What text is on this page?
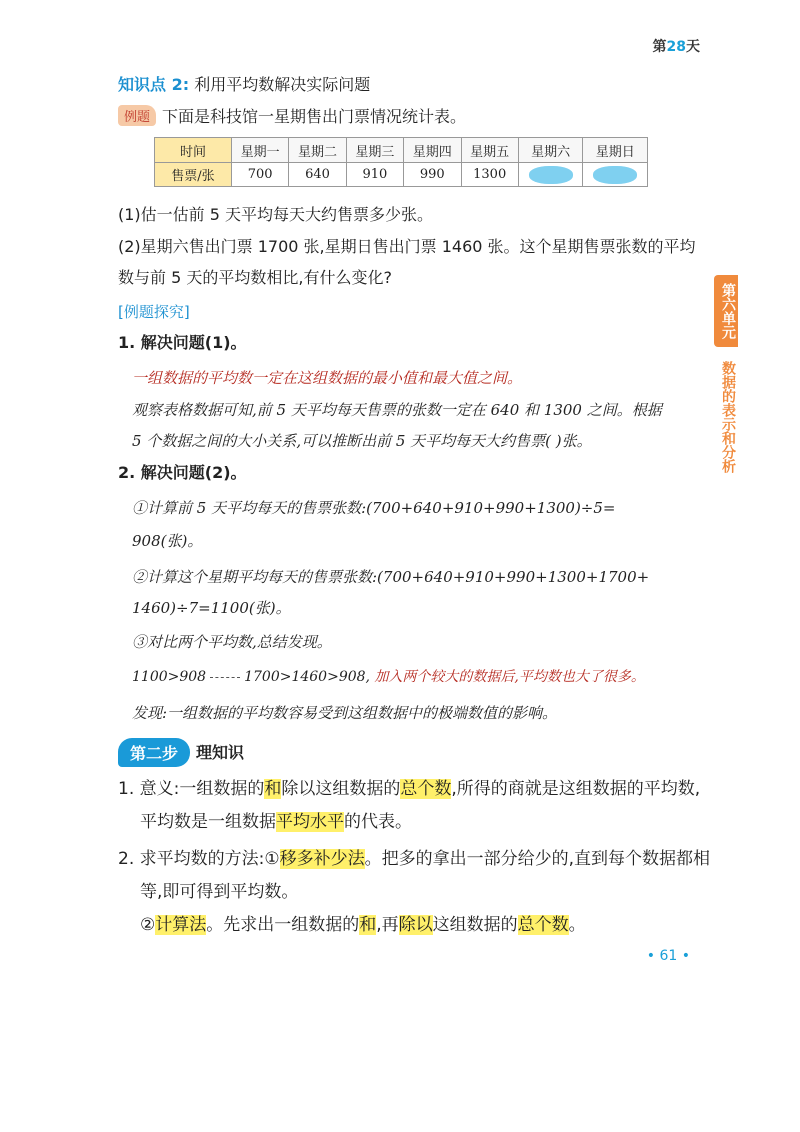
第28天
知识点 2: 利用平均数解决实际问题
例题 下面是科技馆一星期售出门票情况统计表。
时间	星期一	星期二	星期三	星期四	星期五	星期六	星期日
售票/张	700	640	910	990	1300		
(1)估一估前 5 天平均每天大约售票多少张。
(2)星期六售出门票 1700 张,星期日售出门票 1460 张。这个星期售票张数的平均
数与前 5 天的平均数相比,有什么变化?
[例题探究]
1. 解决问题(1)。
一组数据的平均数一定在这组数据的最小值和最大值之间。
观察表格数据可知,前 5 天平均每天售票的张数一定在 640 和 1300 之间。根据
5 个数据之间的大小关系,可以推断出前 5 天平均每天大约售票( )张。
2. 解决问题(2)。
①计算前 5 天平均每天的售票张数:(700+640+910+990+1300)÷5=
908(张)。
②计算这个星期平均每天的售票张数:(700+640+910+990+1300+1700+
1460)÷7=1100(张)。
③对比两个平均数,总结发现。
1100>908	1700>1460>908, 加入两个较大的数据后,平均数也大了很多。
发现:一组数据的平均数容易受到这组数据中的极端数值的影响。
第二步	理知识
1. 意义:一组数据的和除以这组数据的总个数,所得的商就是这组数据的平均数,
平均数是一组数据平均水平的代表。
2. 求平均数的方法:①移多补少法。把多的拿出一部分给少的,直到每个数据都相
等,即可得到平均数。
②计算法。先求出一组数据的和,再除以这组数据的总个数。
第六单元
数据的表示和分析
• 61 •
